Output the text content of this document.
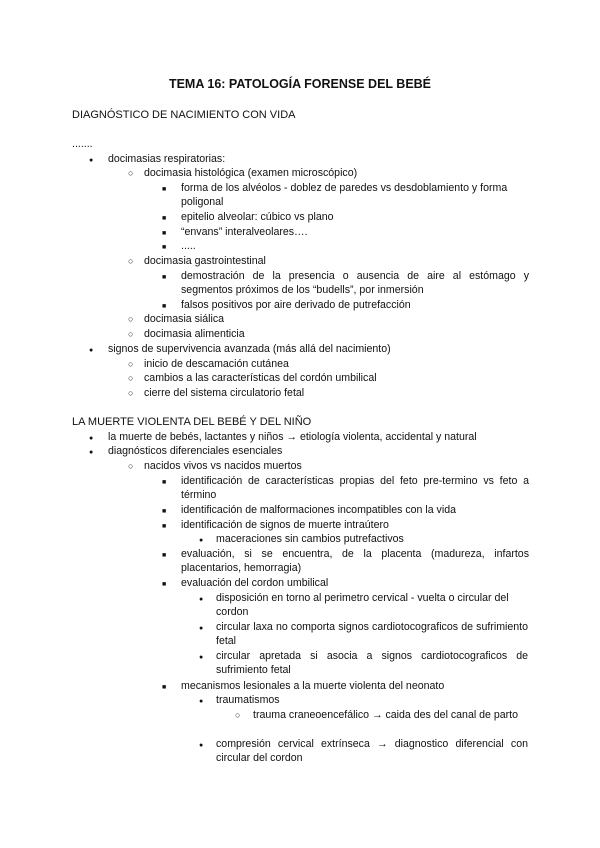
TEMA 16: PATOLOGÍA FORENSE DEL BEBÉ
DIAGNÓSTICO DE NACIMIENTO CON VIDA
.......
●
docimasias respiratorias:
○
docimasia histológica (examen microscópico)
■
forma de los alvéolos - doblez de paredes vs desdoblamiento y forma poligonal
■
epitelio alveolar: cúbico vs plano
■
“envans” interalveolares….
■
.....
○
docimasia gastrointestinal
■
demostración de la presencia o ausencia de aire al estómago y segmentos próximos de los “budells”, por inmersión
■
falsos positivos por aire derivado de putrefacción
○
docimasia siálica
○
docimasia alimenticia
●
signos de supervivencia avanzada (más allá del nacimiento)
○
inicio de descamación cutánea
○
cambios a las características del cordón umbilical
○
cierre del sistema circulatorio fetal
LA MUERTE VIOLENTA DEL BEBÉ Y DEL NIÑO
●
la muerte de bebés, lactantes y niños → etiología violenta, accidental y natural
●
diagnósticos diferenciales esenciales
○
nacidos vivos vs nacidos muertos
■
identificación de características propias del feto pre-termino vs feto a término
■
identificación de malformaciones incompatibles con la vida
■
identificación de signos de muerte intraútero
●
maceraciones sin cambios putrefactivos
■
evaluación, si se encuentra, de la placenta (madureza, infartos placentarios, hemorragia)
■
evaluación del cordon umbilical
●
disposición en torno al perimetro cervical - vuelta o circular del cordon
●
circular laxa no comporta signos cardiotocograficos de sufrimiento fetal
●
circular apretada si asocia a signos cardiotocograficos de sufrimiento fetal
■
mecanismos lesionales a la muerte violenta del neonato
●
traumatismos
○
trauma craneoencefálico → caida des del canal de parto
●
compresión cervical extrínseca → diagnostico diferencial con circular del cordon
